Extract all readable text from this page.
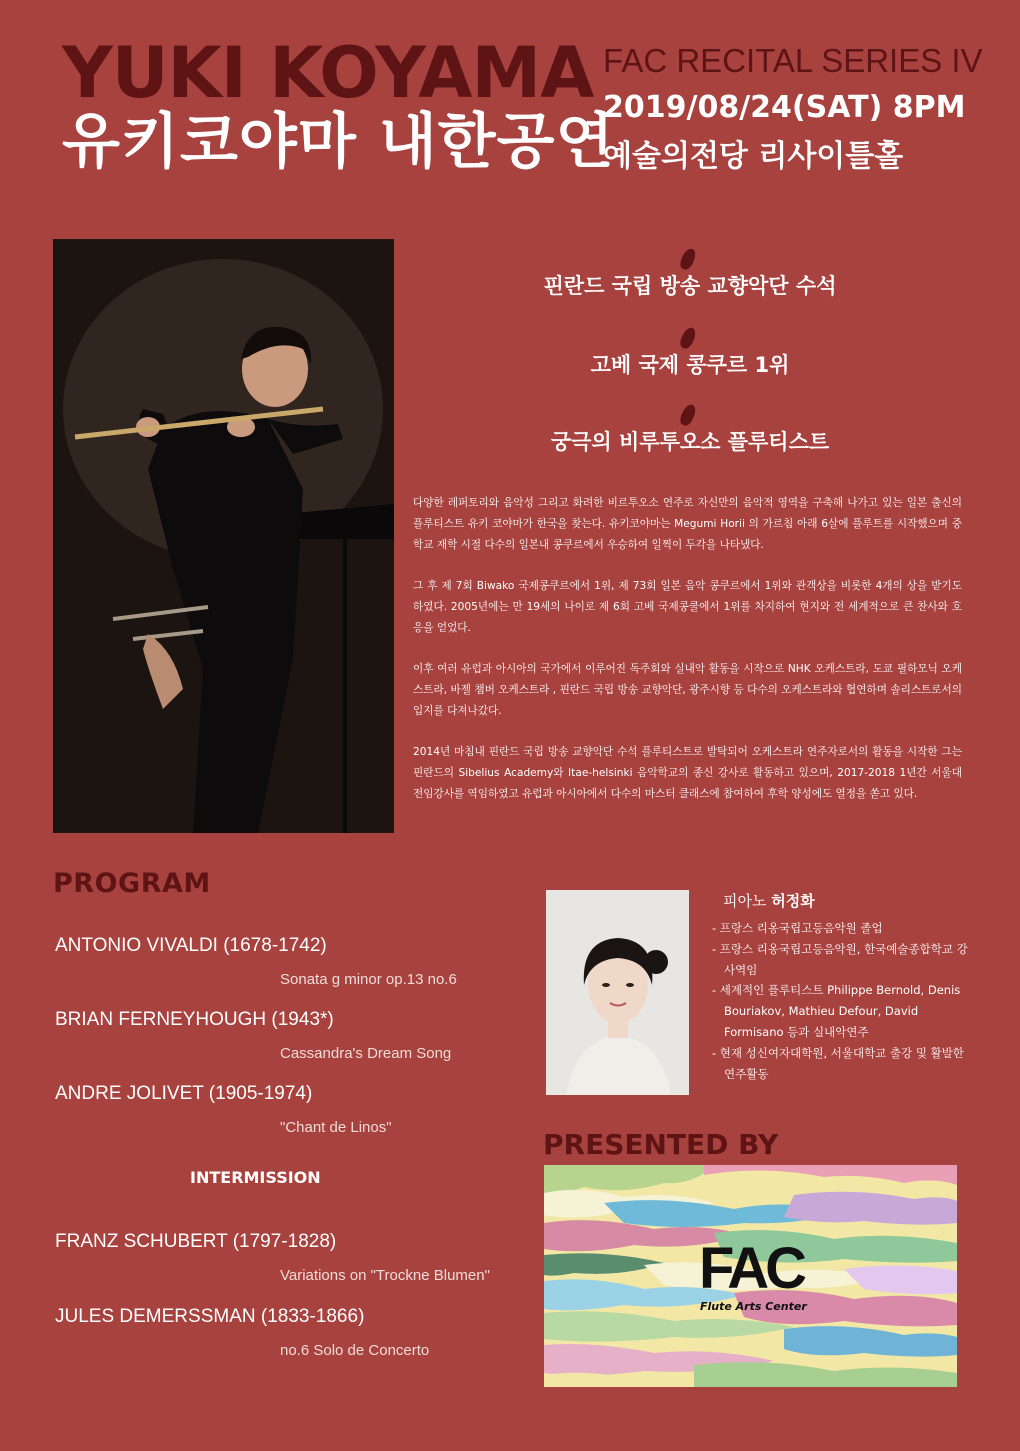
YUKI KOYAMA
유키코야마 내한공연
FAC RECITAL SERIES IV
2019/08/24(SAT) 8PM
예술의전당 리사이틀홀
핀란드 국립 방송 교향악단 수석
고베 국제 콩쿠르 1위
궁극의 비루투오소 플루티스트

다양한 레퍼토리와 음악성 그리고 화려한 비르투오소 연주로 자신만의 음악적 영역을 구축해 나가고 있는 일본 출신의 플루티스트 유키 코야마가 한국을 찾는다. 유키코야마는 Megumi Horii 의 가르침 아래 6살에 플루트를 시작했으며 중학교 재학 시절 다수의 일본내 콩쿠르에서 우승하여 일찍이 두각을 나타냈다.

그 후 제 7회 Biwako 국제콩쿠르에서 1위, 제 73회 일본 음악 콩쿠르에서 1위와 관객상을 비롯한 4개의 상을 받기도 하였다. 2005년에는 만 19세의 나이로 제 6회 고베 국제콩쿨에서 1위를 차지하여 현지와 전 세계적으로 큰 찬사와 호응을 얻었다.

이후 여러 유럽과 아시아의 국가에서 이루어진 독주회와 실내악 활동을 시작으로 NHK 오케스트라, 도쿄 필하모닉 오케스트라, 바젤 챔버 오케스트라 , 핀란드 국립 방송 교향악단, 광주시향 등 다수의 오케스트라와 협연하며 솔리스트로서의 입지를 다져나갔다.

2014년 마침내 핀란드 국립 방송 교향악단 수석 플루티스트로 발탁되어 오케스트라 연주자로서의 활동을 시작한 그는 핀란드의 Sibelius Academy와 Itae-helsinki 음악학교의 종신 강사로 활동하고 있으며, 2017-2018 1년간 서울대 전임강사를 역임하였고 유럽과 아시아에서 다수의 마스터 클래스에 참여하여 후학 양성에도 열정을 쏟고 있다.

PROGRAM
ANTONIO VIVALDI (1678-1742)
Sonata g minor op.13 no.6
BRIAN FERNEYHOUGH (1943*)
Cassandra's Dream Song
ANDRE JOLIVET (1905-1974)
"Chant de Linos"
INTERMISSION
FRANZ SCHUBERT (1797-1828)
Variations on "Trockne Blumen"
JULES DEMERSSMAN (1833-1866)
no.6 Solo de Concerto
피아노 허정화
- 프랑스 리옹국립고등음악원 졸업
- 프랑스 리옹국립고등음악원, 한국예술종합학교 강사역임
- 세계적인 플루티스트 Philippe Bernold, Denis Bouriakov, Mathieu Defour, David Formisano 등과 실내악연주
- 현재 성신여자대학원, 서울대학교 출강 및 활발한 연주활동
PRESENTED BY
FAC
Flute Arts Center
